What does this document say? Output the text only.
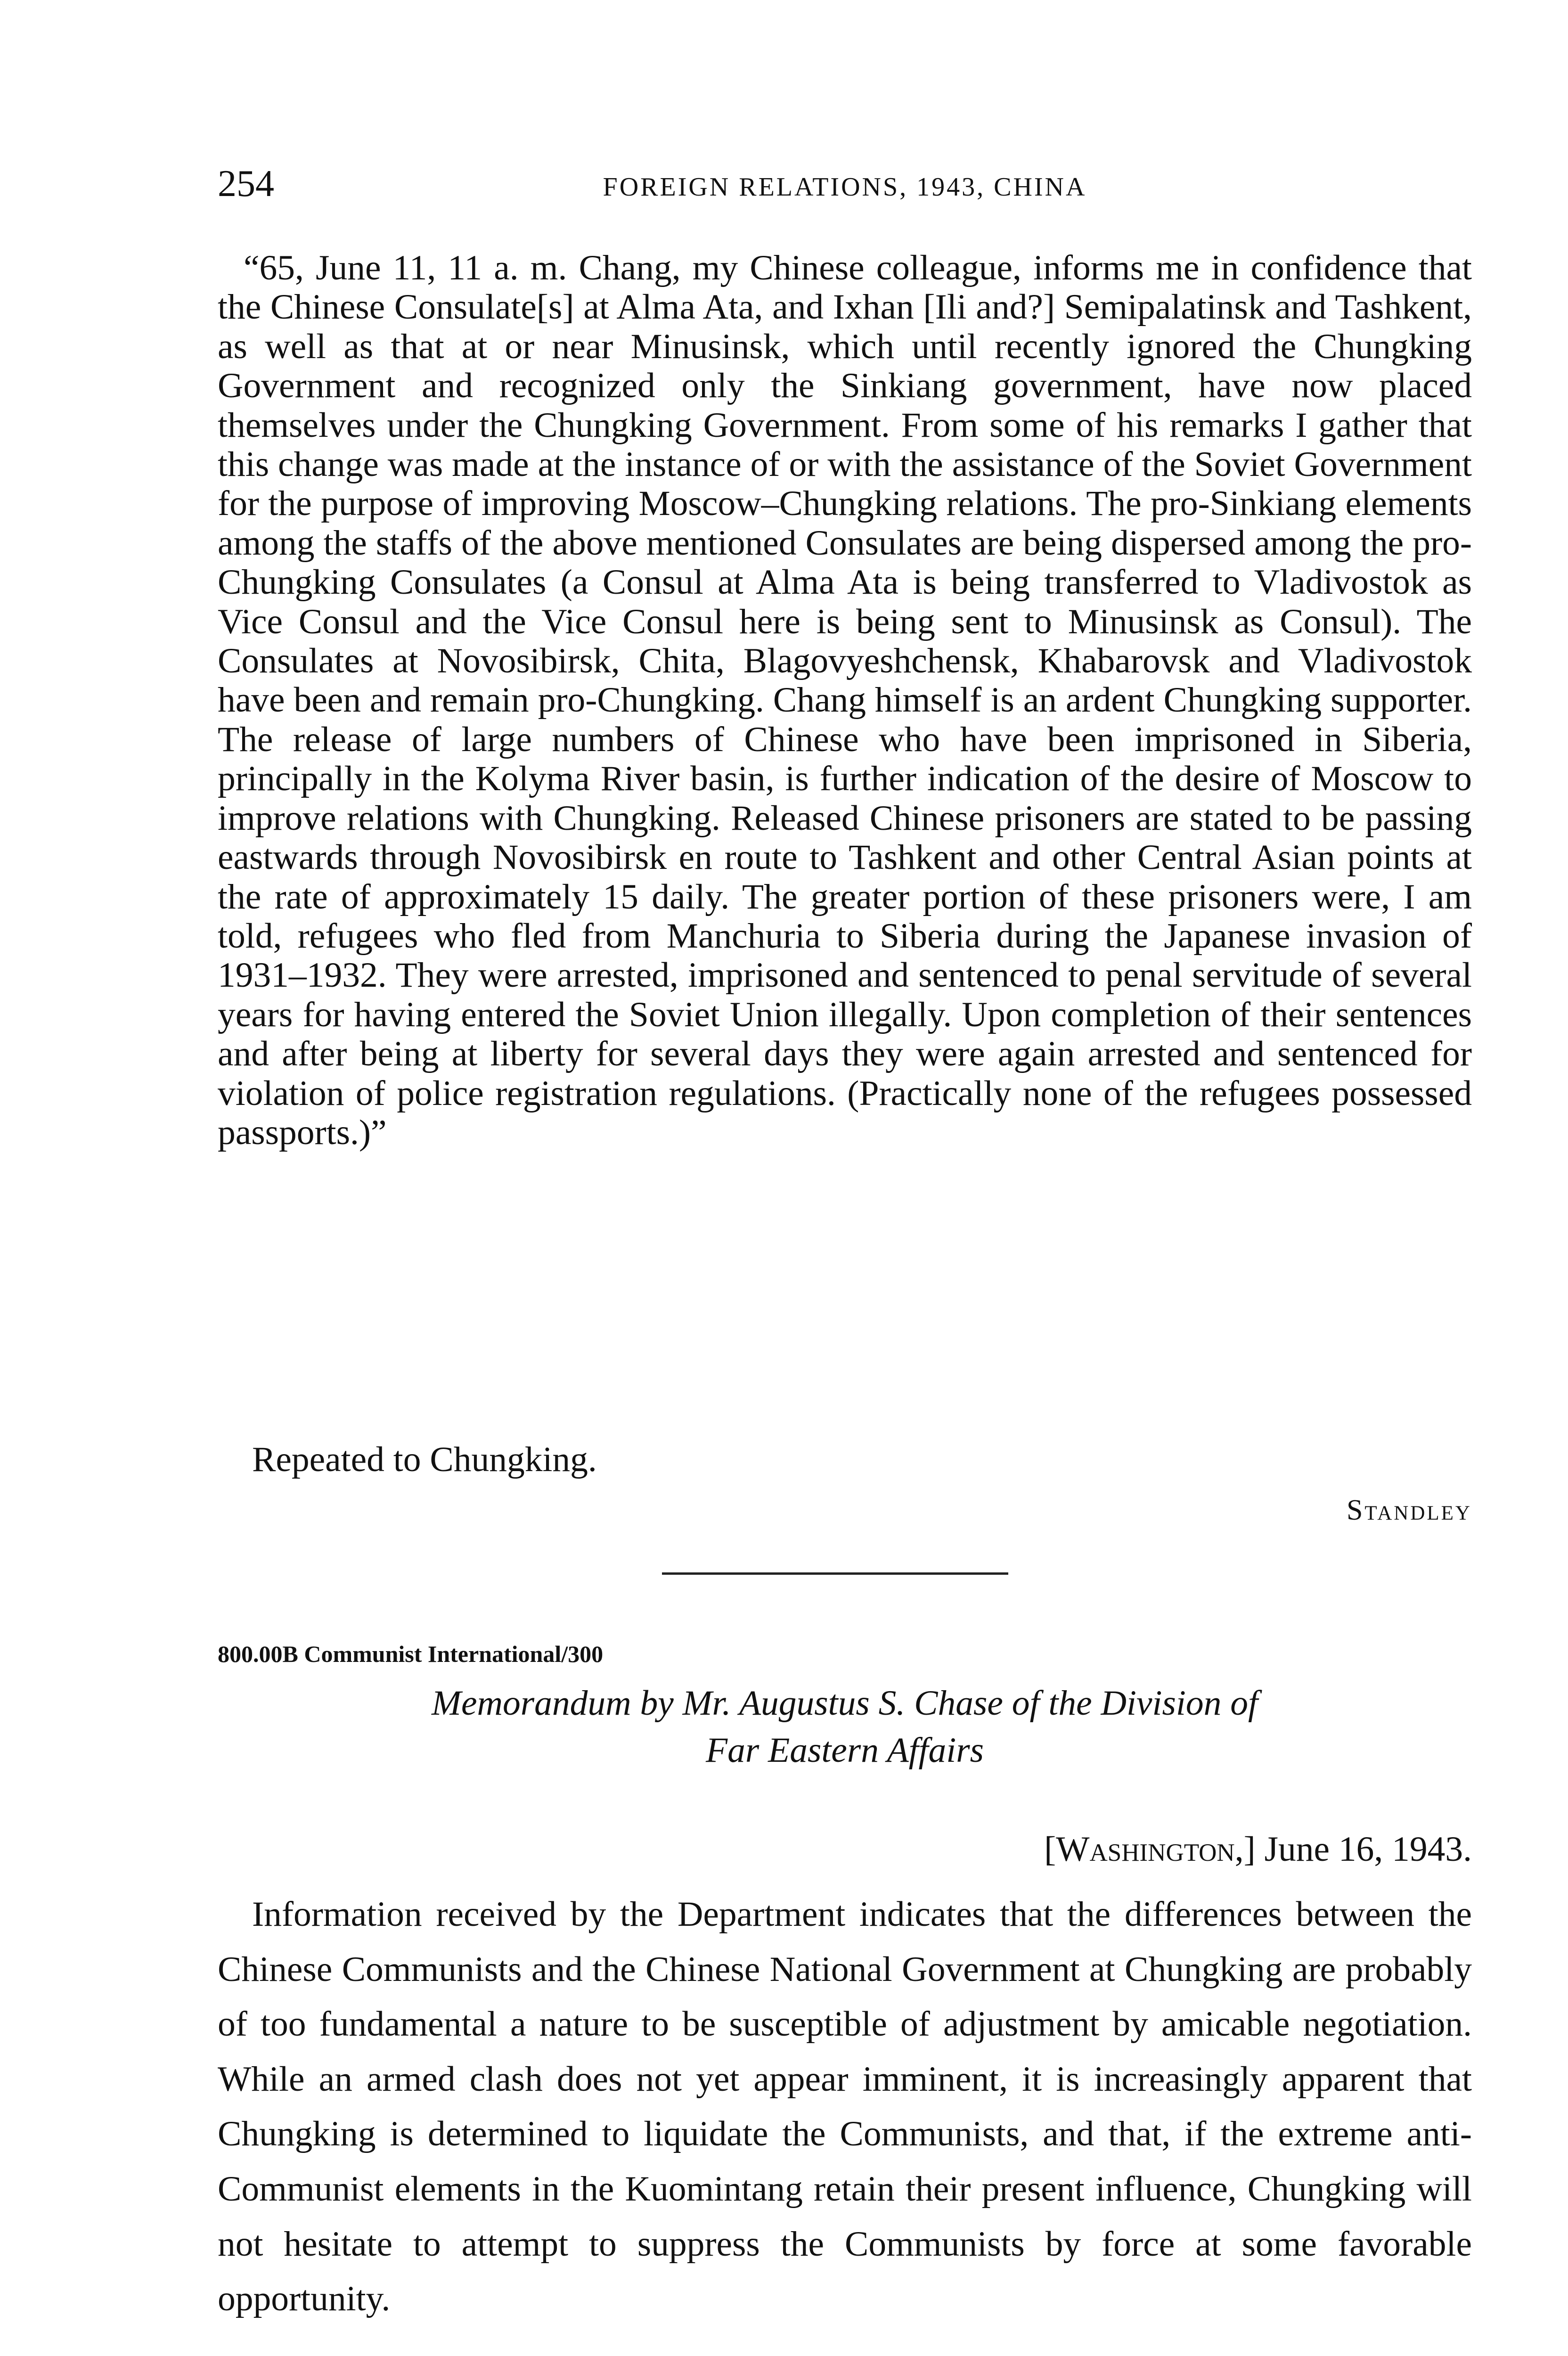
254	FOREIGN RELATIONS, 1943, CHINA

“65, June 11, 11 a. m. Chang, my Chinese colleague, informs me in confidence that the Chinese Consulate[s] at Alma Ata, and Ixhan [Ili and?] Semipalatinsk and Tashkent, as well as that at or near Minusinsk, which until recently ignored the Chungking Government and recognized only the Sinkiang government, have now placed themselves under the Chungking Government. From some of his remarks I gather that this change was made at the instance of or with the assistance of the Soviet Government for the purpose of improving Moscow–Chungking relations. The pro-Sinkiang elements among the staffs of the above mentioned Consulates are being dispersed among the pro-Chungking Consulates (a Consul at Alma Ata is being transferred to Vladivostok as Vice Consul and the Vice Consul here is being sent to Minusinsk as Consul). The Consulates at Novosibirsk, Chita, Blagovyeshchensk, Khabarovsk and Vladivostok have been and remain pro-Chungking. Chang himself is an ardent Chungking supporter. The release of large numbers of Chinese who have been imprisoned in Siberia, principally in the Kolyma River basin, is further indication of the desire of Moscow to improve relations with Chungking. Released Chinese prisoners are stated to be passing eastwards through Novosibirsk en route to Tashkent and other Central Asian points at the rate of approximately 15 daily. The greater portion of these prisoners were, I am told, refugees who fled from Manchuria to Siberia during the Japanese invasion of 1931–1932. They were arrested, imprisoned and sentenced to penal servitude of several years for having entered the Soviet Union illegally. Upon completion of their sentences and after being at liberty for several days they were again arrested and sentenced for violation of police registration regulations. (Practically none of the refugees possessed passports.)”

Repeated to Chungking.
Standley
800.00B Communist International/300
Memorandum by Mr. Augustus S. Chase of the Division of
Far Eastern Affairs
[Washington,] June 16, 1943.

Information received by the Department indicates that the differences between the Chinese Communists and the Chinese National Government at Chungking are probably of too fundamental a nature to be susceptible of adjustment by amicable negotiation. While an armed clash does not yet appear imminent, it is increasingly apparent that Chungking is determined to liquidate the Communists, and that, if the extreme anti-Communist elements in the Kuomintang retain their present influence, Chungking will not hesitate to attempt to suppress the Communists by force at some favorable opportunity.
